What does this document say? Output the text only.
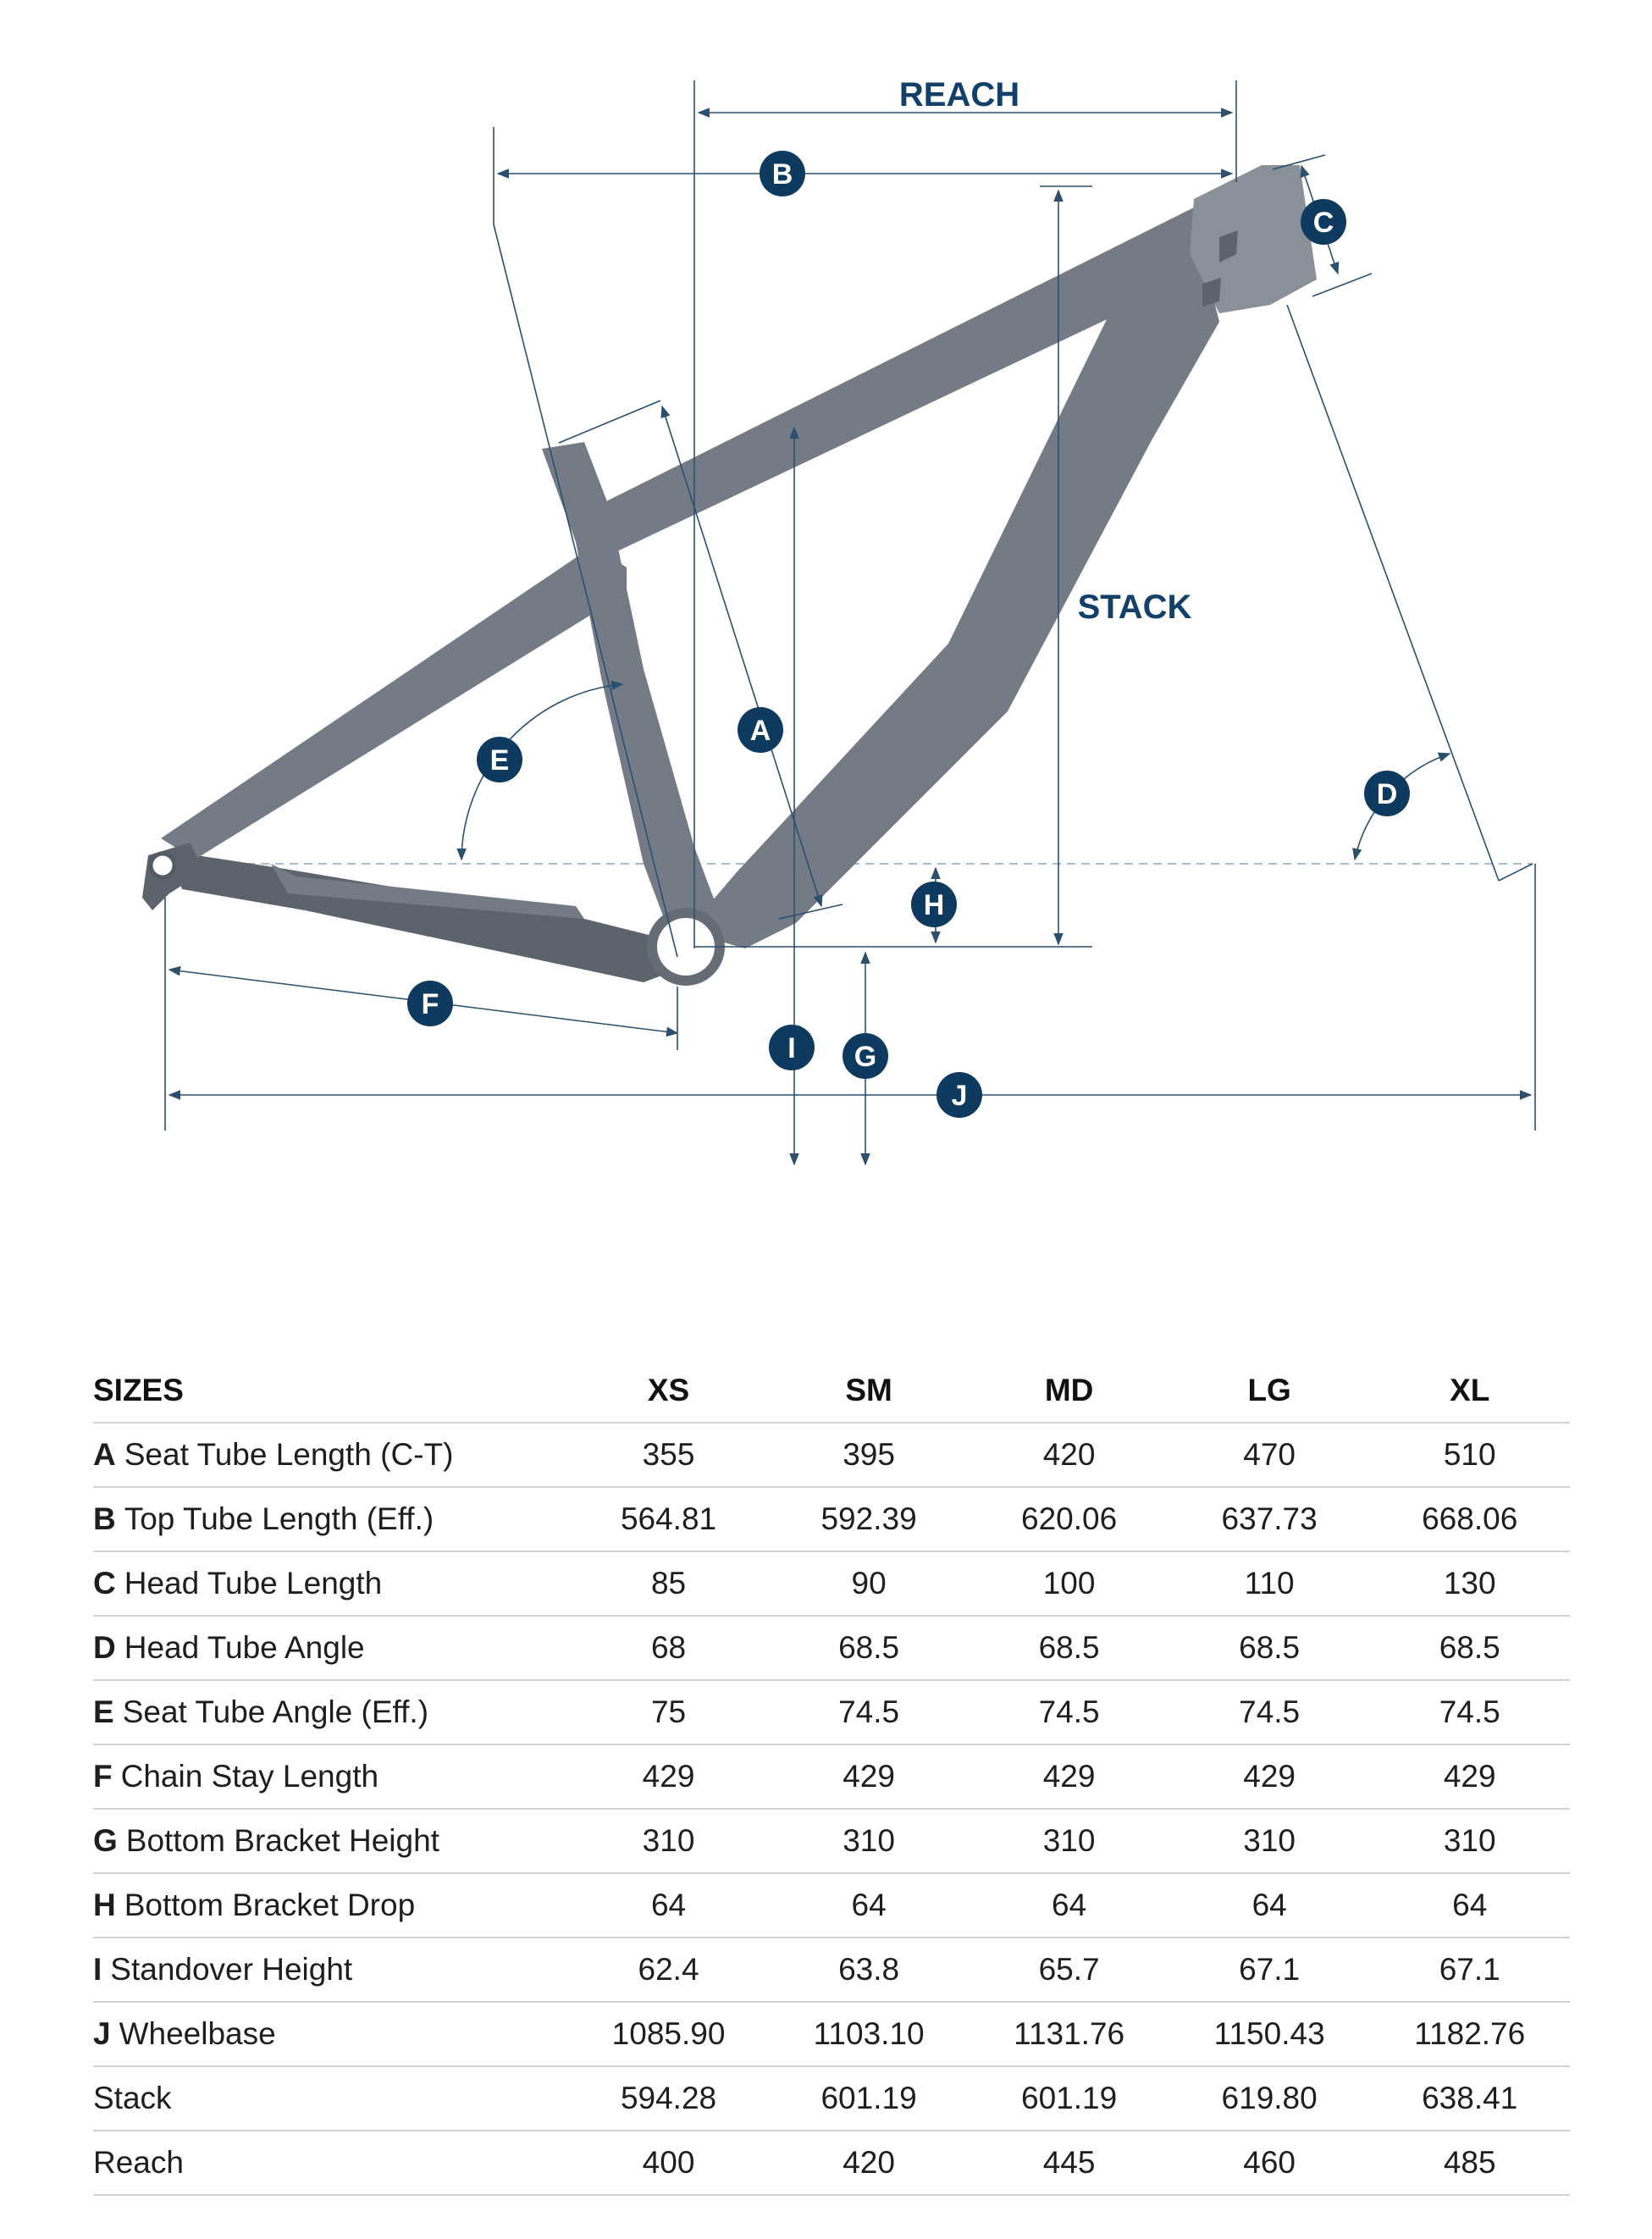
REACH
STACK
B
C
A
E
D
H
F
I G
J
SIZES	XS	SM	MD	LG	XL
A Seat Tube Length (C-T)	355	395	420	470	510
B Top Tube Length (Eff.)	564.81	592.39	620.06	637.73	668.06
C Head Tube Length	85	90	100	110	130
D Head Tube Angle	68	68.5	68.5	68.5	68.5
E Seat Tube Angle (Eff.)	75	74.5	74.5	74.5	74.5
F Chain Stay Length	429	429	429	429	429
G Bottom Bracket Height	310	310	310	310	310
H Bottom Bracket Drop	64	64	64	64	64
I Standover Height	62.4	63.8	65.7	67.1	67.1
J Wheelbase	1085.90	1103.10	1131.76	1150.43	1182.76
Stack	594.28	601.19	601.19	619.80	638.41
Reach	400	420	445	460	485
